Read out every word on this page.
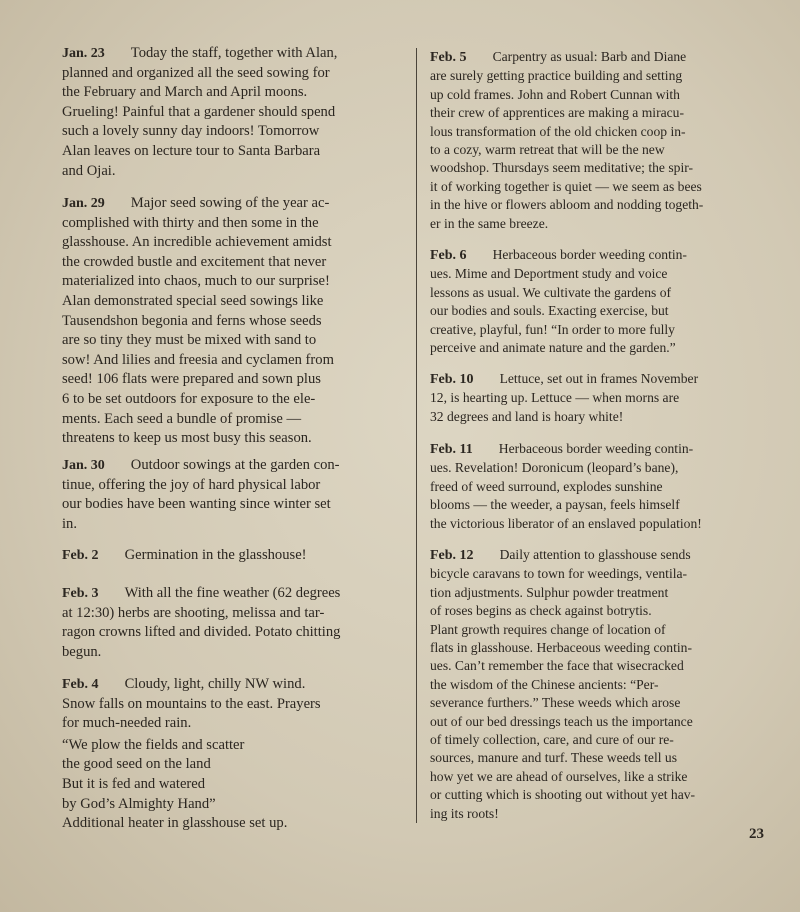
Jan. 23 Today the staff, together with Alan,
planned and organized all the seed sowing for
the February and March and April moons.
Grueling! Painful that a gardener should spend
such a lovely sunny day indoors! Tomorrow
Alan leaves on lecture tour to Santa Barbara
and Ojai.
Jan. 29 Major seed sowing of the year ac-
complished with thirty and then some in the
glasshouse. An incredible achievement amidst
the crowded bustle and excitement that never
materialized into chaos, much to our surprise!
Alan demonstrated special seed sowings like
Tausendshon begonia and ferns whose seeds
are so tiny they must be mixed with sand to
sow! And lilies and freesia and cyclamen from
seed! 106 flats were prepared and sown plus
6 to be set outdoors for exposure to the ele-
ments. Each seed a bundle of promise —
threatens to keep us most busy this season.
Jan. 30 Outdoor sowings at the garden con-
tinue, offering the joy of hard physical labor
our bodies have been wanting since winter set
in.
Feb. 2 Germination in the glasshouse!
Feb. 3 With all the fine weather (62 degrees
at 12:30) herbs are shooting, melissa and tar-
ragon crowns lifted and divided. Potato chitting
begun.
Feb. 4 Cloudy, light, chilly NW wind.
Snow falls on mountains to the east. Prayers
for much-needed rain.
“We plow the fields and scatter
the good seed on the land
But it is fed and watered
by God’s Almighty Hand”
Additional heater in glasshouse set up.
Feb. 5 Carpentry as usual: Barb and Diane
are surely getting practice building and setting
up cold frames. John and Robert Cunnan with
their crew of apprentices are making a miracu-
lous transformation of the old chicken coop in-
to a cozy, warm retreat that will be the new
woodshop. Thursdays seem meditative; the spir-
it of working together is quiet — we seem as bees
in the hive or flowers abloom and nodding togeth-
er in the same breeze.
Feb. 6 Herbaceous border weeding contin-
ues. Mime and Deportment study and voice
lessons as usual. We cultivate the gardens of
our bodies and souls. Exacting exercise, but
creative, playful, fun! “In order to more fully
perceive and animate nature and the garden.”
Feb. 10 Lettuce, set out in frames November
12, is hearting up. Lettuce — when morns are
32 degrees and land is hoary white!
Feb. 11 Herbaceous border weeding contin-
ues. Revelation! Doronicum (leopard’s bane),
freed of weed surround, explodes sunshine
blooms — the weeder, a paysan, feels himself
the victorious liberator of an enslaved population!
Feb. 12 Daily attention to glasshouse sends
bicycle caravans to town for weedings, ventila-
tion adjustments. Sulphur powder treatment
of roses begins as check against botrytis.
Plant growth requires change of location of
flats in glasshouse. Herbaceous weeding contin-
ues. Can’t remember the face that wisecracked
the wisdom of the Chinese ancients: “Per-
severance furthers.” These weeds which arose
out of our bed dressings teach us the importance
of timely collection, care, and cure of our re-
sources, manure and turf. These weeds tell us
how yet we are ahead of ourselves, like a strike
or cutting which is shooting out without yet hav-
ing its roots!
23
